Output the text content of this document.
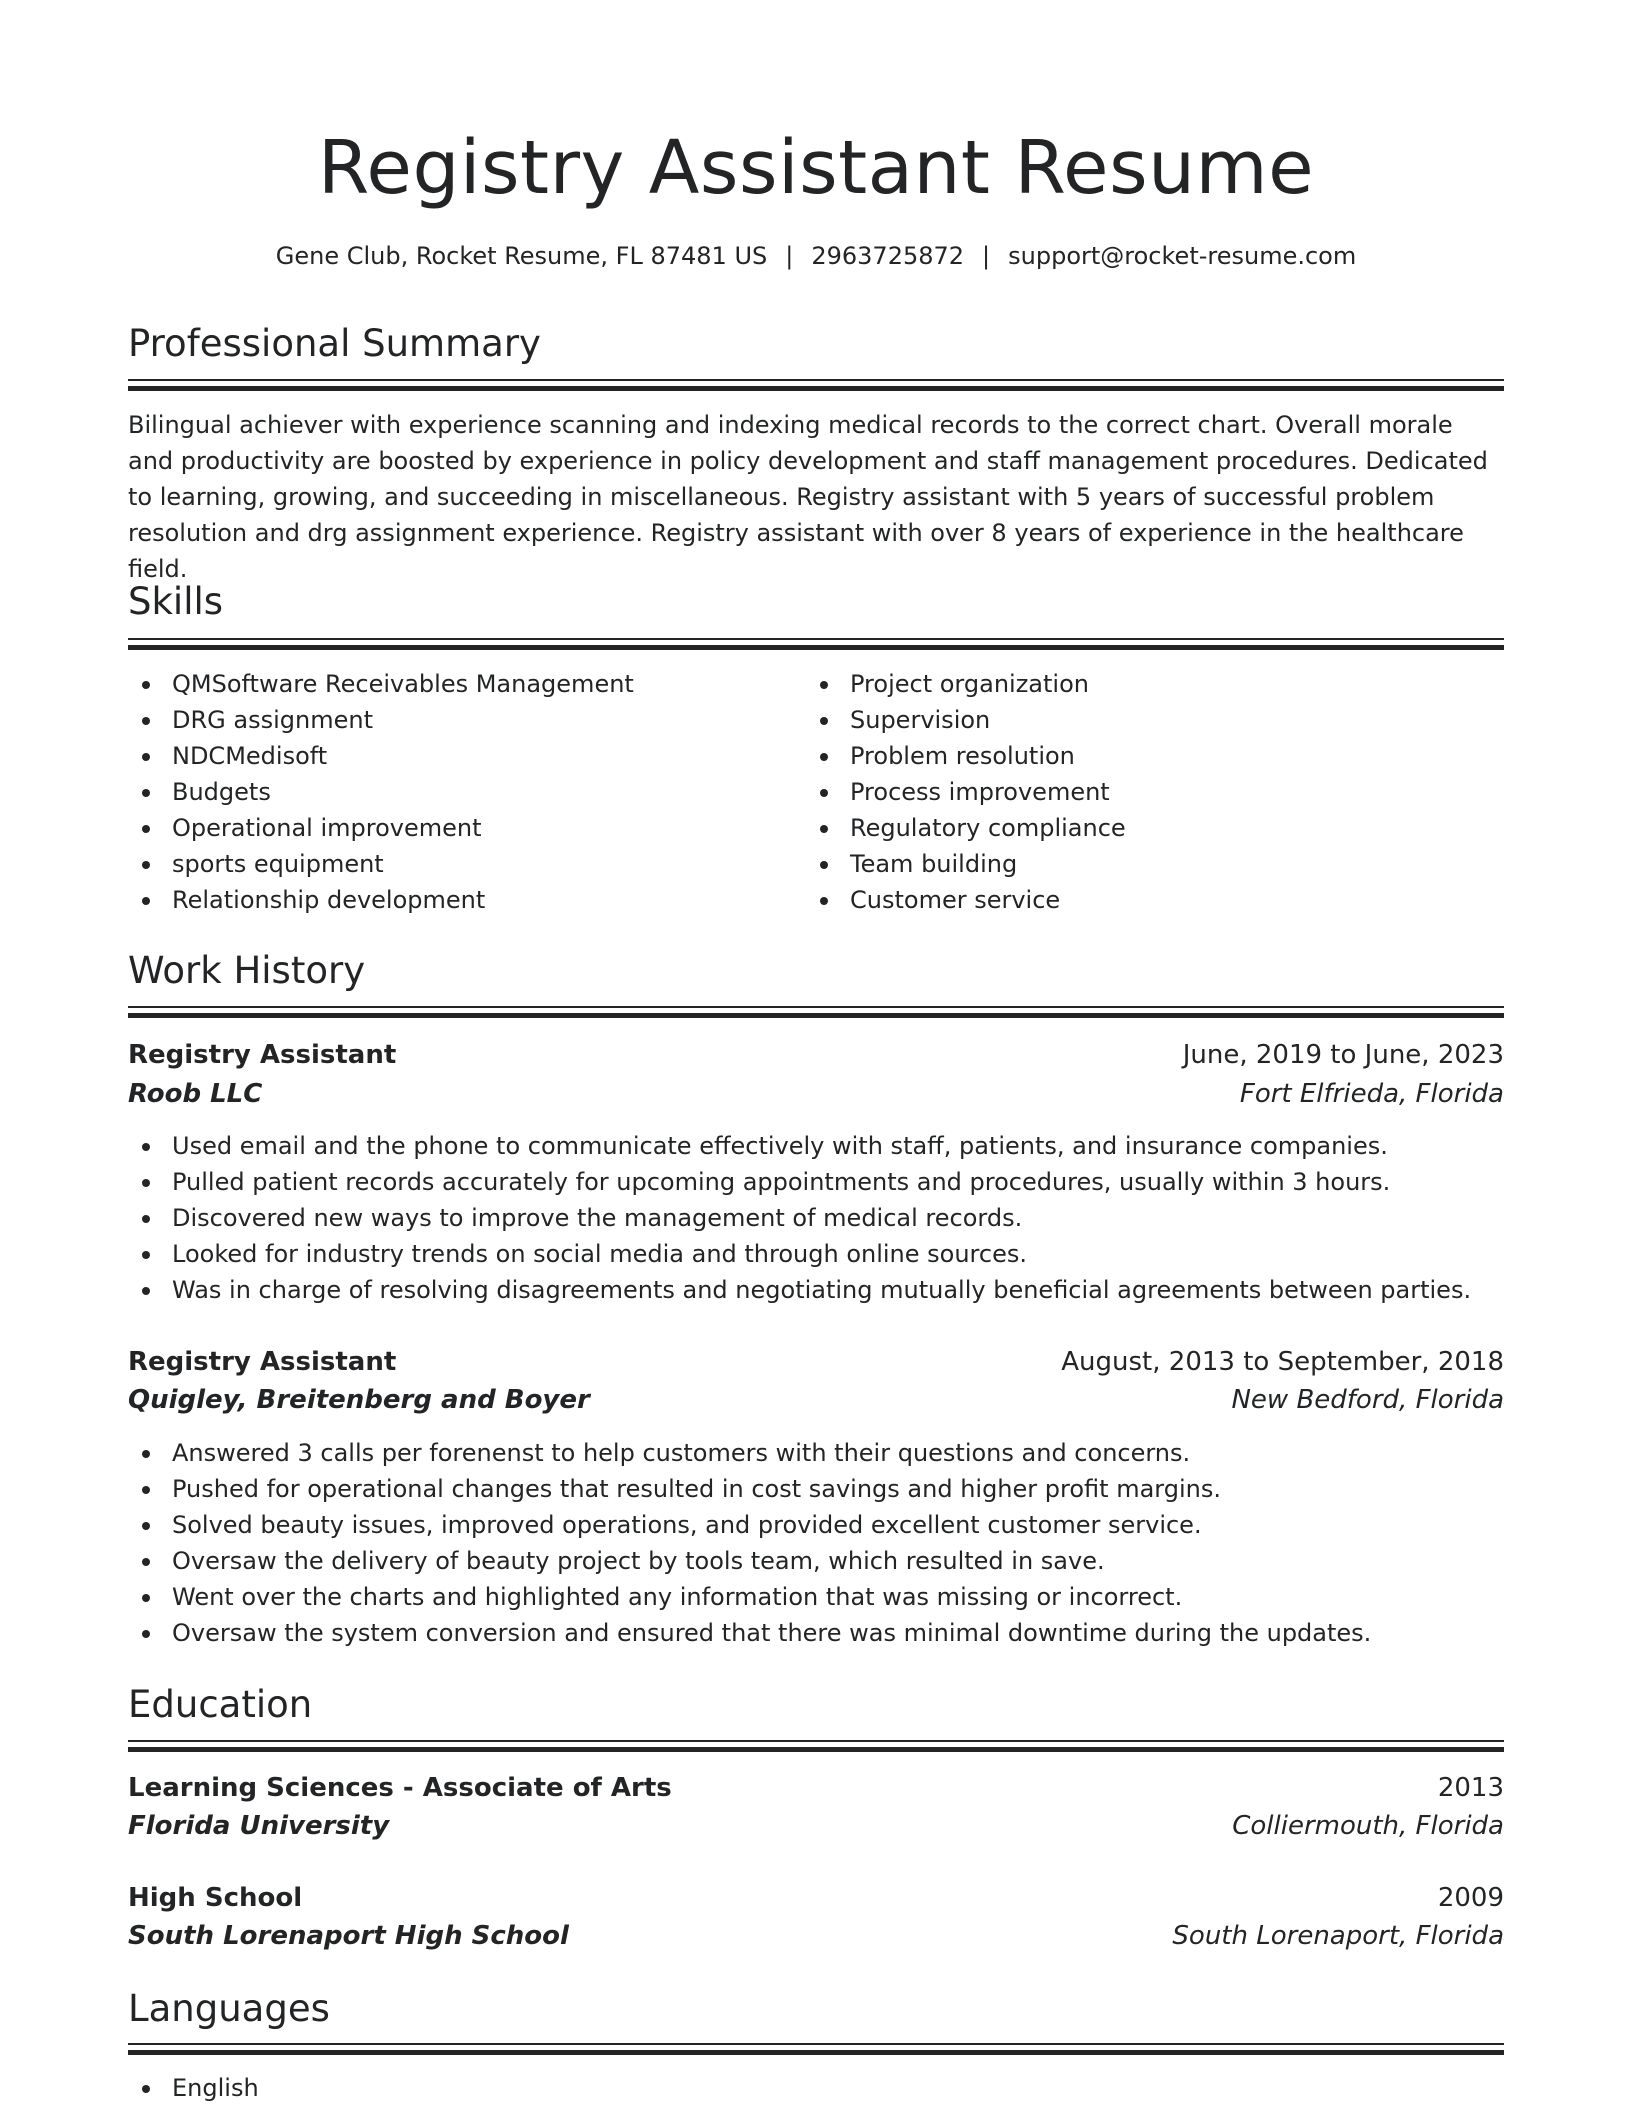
Registry Assistant Resume
Gene Club, Rocket Resume, FL 87481 US | 2963725872 | support@rocket-resume.com
Professional Summary

Bilingual achiever with experience scanning and indexing medical records to the correct chart. Overall morale and productivity are boosted by experience in policy development and staff management procedures. Dedicated to learning, growing, and succeeding in miscellaneous. Registry assistant with 5 years of successful problem resolution and drg assignment experience. Registry assistant with over 8 years of experience in the healthcare field.

Skills
QMSoftware Receivables Management
DRG assignment
NDCMedisoft
Budgets
Operational improvement
sports equipment
Relationship development
Project organization
Supervision
Problem resolution
Process improvement
Regulatory compliance
Team building
Customer service
Work History
Registry Assistant	June, 2019 to June, 2023
Roob LLC	Fort Elfrieda, Florida
Used email and the phone to communicate effectively with staff, patients, and insurance companies.
Pulled patient records accurately for upcoming appointments and procedures, usually within 3 hours.
Discovered new ways to improve the management of medical records.
Looked for industry trends on social media and through online sources.
Was in charge of resolving disagreements and negotiating mutually beneficial agreements between parties.
Registry Assistant	August, 2013 to September, 2018
Quigley, Breitenberg and Boyer	New Bedford, Florida
Answered 3 calls per forenenst to help customers with their questions and concerns.
Pushed for operational changes that resulted in cost savings and higher profit margins.
Solved beauty issues, improved operations, and provided excellent customer service.
Oversaw the delivery of beauty project by tools team, which resulted in save.
Went over the charts and highlighted any information that was missing or incorrect.
Oversaw the system conversion and ensured that there was minimal downtime during the updates.
Education
Learning Sciences - Associate of Arts	2013
Florida University	Colliermouth, Florida
High School	2009
South Lorenaport High School	South Lorenaport, Florida
Languages
English
